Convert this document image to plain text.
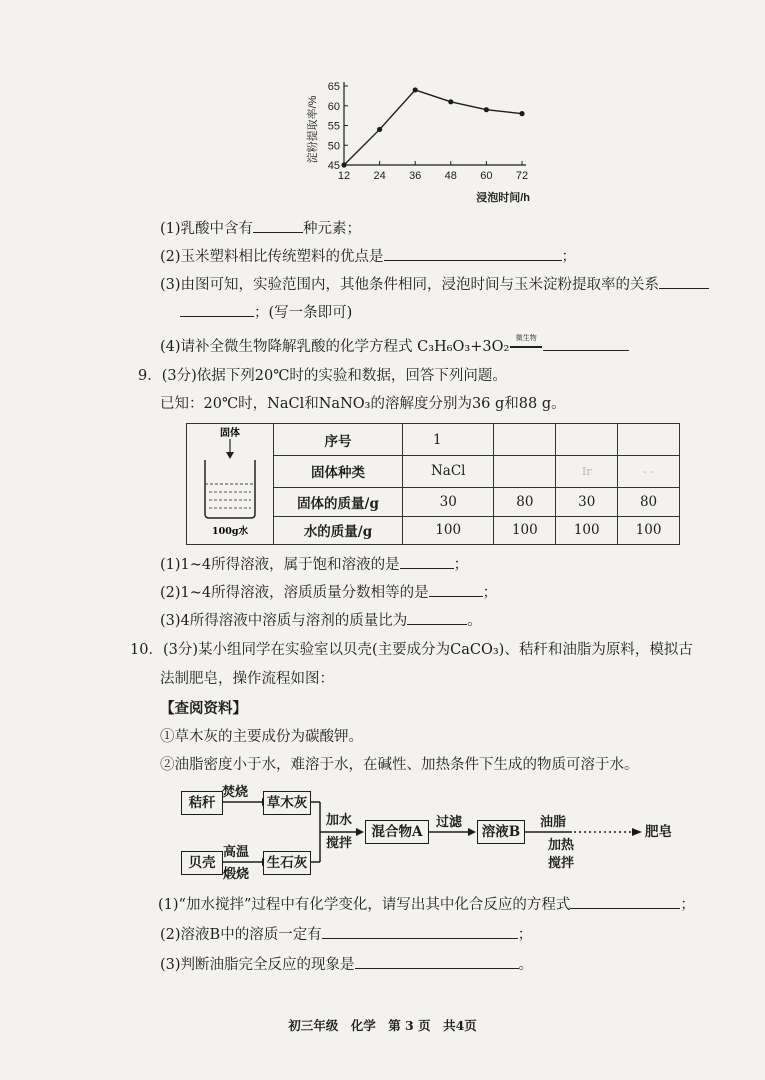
45
50
55
60
65
12 24 36 48 60 72
淀粉提取率/%
浸泡时间/h
(1)乳酸中含有	种元素；
(2)玉米塑料相比传统塑料的优点是	；
(3)由图可知，实验范围内，其他条件相同，浸泡时间与玉米淀粉提取率的关系
；(写一条即可)
(4)请补全微生物降解乳酸的化学方程式 C₃H₆O₃+3O₂
微生物
9．(3分)依据下列20℃时的实验和数据，回答下列问题。
已知：20℃时，NaCl和NaNO₃的溶解度分别为36 g和88 g。
固体
100g水	序号	1			
	固体种类	NaCl		Ir	- -
	固体的质量/g	30	80	30	80
	水的质量/g	100	100	100	100
(1)1~4所得溶液，属于饱和溶液的是	；
(2)1~4所得溶液，溶质质量分数相等的是	；
(3)4所得溶液中溶质与溶剂的质量比为	。
10．(3分)某小组同学在实验室以贝壳(主要成分为CaCO₃)、秸秆和油脂为原料，模拟古
法制肥皂，操作流程如图：
【查阅资料】
①草木灰的主要成份为碳酸钾。
②油脂密度小于水，难溶于水，在碱性、加热条件下生成的物质可溶于水。
秸秆
焚烧
草木灰
贝壳
高温
煅烧
生石灰
加水
搅拌
混合物A
过滤
溶液B
油脂
加热
搅拌
肥皂
(1)“加水搅拌”过程中有化学变化，请写出其中化合反应的方程式	；
(2)溶液B中的溶质一定有	；
(3)判断油脂完全反应的现象是	。
初三年级　化学　第 3 页　共4页
